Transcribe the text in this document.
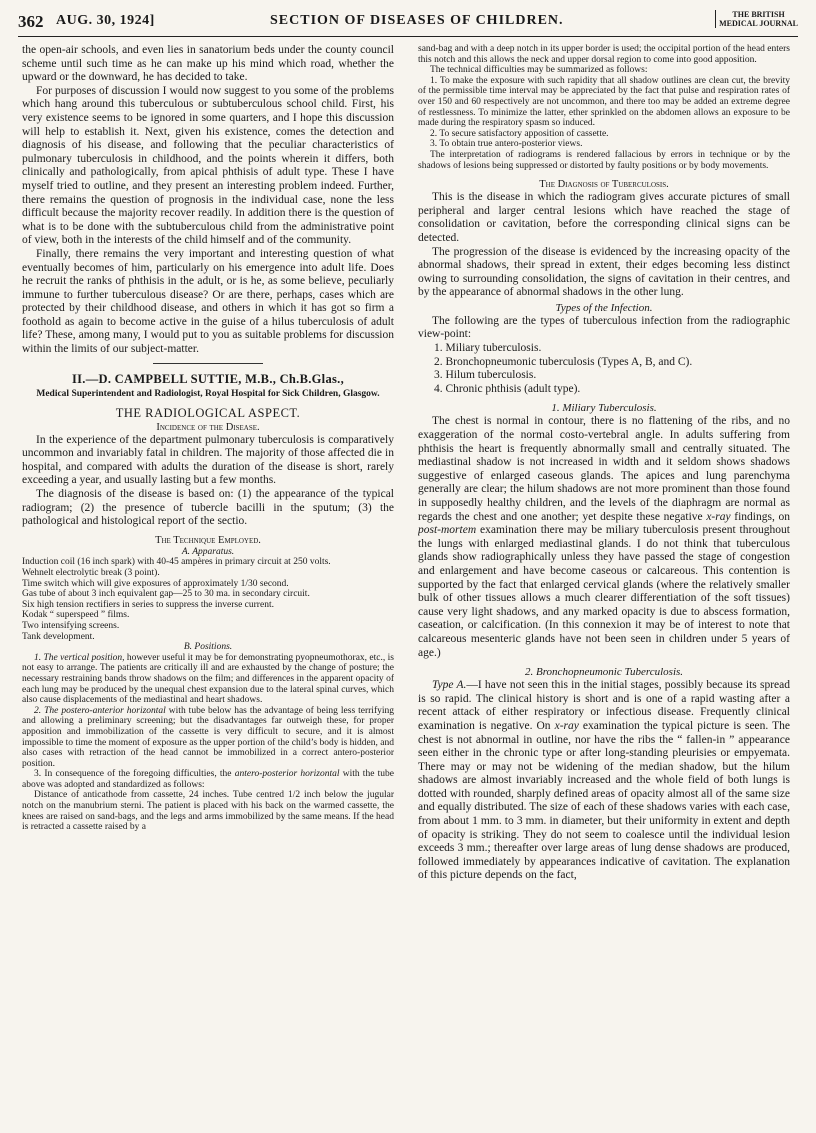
362 AUG. 30, 1924]	SECTION OF DISEASES OF CHILDREN.	THE BRITISH
MEDICAL JOURNAL

the open-air schools, and even lies in sanatorium beds under the county council scheme until such time as he can make up his mind which road, whether the upward or the downward, he has decided to take.

For purposes of discussion I would now suggest to you some of the problems which hang around this tuberculous or subtuberculous school child. First, his very existence seems to be ignored in some quarters, and I hope this discussion will help to establish it. Next, given his existence, comes the detection and diagnosis of his disease, and following that the peculiar characteristics of pulmonary tuberculosis in childhood, and the points wherein it differs, both clinically and pathologically, from apical phthisis of adult type. These I have myself tried to outline, and they present an interesting problem indeed. Further, there remains the question of prognosis in the individual case, none the less difficult because the majority recover readily. In addition there is the question of what is to be done with the subtuberculous child from the administrative point of view, both in the interests of the child himself and of the community.

Finally, there remains the very important and interesting question of what eventually becomes of him, particularly on his emergence into adult life. Does he recruit the ranks of phthisis in the adult, or is he, as some believe, peculiarly immune to further tuberculous disease? Or are there, perhaps, cases which are protected by their childhood disease, and others in which it has got so firm a foothold as again to become active in the guise of a hilus tuberculosis of adult life? These, among many, I would put to you as suitable problems for discussion within the limits of our subject-matter.

II.—D. CAMPBELL SUTTIE, M.B., Ch.B.Glas.,

Medical Superintendent and Radiologist, Royal Hospital for Sick Children, Glasgow.

THE RADIOLOGICAL ASPECT.

Incidence of the Disease.

In the experience of the department pulmonary tuberculosis is comparatively uncommon and invariably fatal in children. The majority of those affected die in hospital, and compared with adults the duration of the disease is short, rarely exceeding a year, and usually lasting but a few months.

The diagnosis of the disease is based on: (1) the appearance of the typical radiogram; (2) the presence of tubercle bacilli in the sputum; (3) the pathological and histological report of the sectio.

The Technique Employed.

A. Apparatus.

Induction coil (16 inch spark) with 40-45 ampères in primary circuit at 250 volts.

Wehnelt electrolytic break (3 point).

Time switch which will give exposures of approximately 1/30 second.

Gas tube of about 3 inch equivalent gap—25 to 30 ma. in secondary circuit.

Six high tension rectifiers in series to suppress the inverse current.

Kodak “ superspeed ” films.

Two intensifying screens.

Tank development.

B. Positions.

1. The vertical position, however useful it may be for demonstrating pyopneumothorax, etc., is not easy to arrange. The patients are critically ill and are exhausted by the change of posture; the necessary restraining bands throw shadows on the film; and differences in the apparent opacity of each lung may be produced by the unequal chest expansion due to the lateral spinal curves, which also cause displacements of the mediastinal and heart shadows.

2. The postero-anterior horizontal with tube below has the advantage of being less terrifying and allowing a preliminary screening; but the disadvantages far outweigh these, for proper apposition and immobilization of the cassette is very difficult to secure, and it is almost impossible to time the moment of exposure as the upper portion of the child’s body is hidden, and also cases with retraction of the head cannot be immobilized in a correct antero-posterior position.

3. In consequence of the foregoing difficulties, the antero-posterior horizontal with the tube above was adopted and standardized as follows:

Distance of anticathode from cassette, 24 inches. Tube centred 1/2 inch below the jugular notch on the manubrium sterni. The patient is placed with his back on the warmed cassette, the knees are raised on sand-bags, and the legs and arms immobilized by the same means. If the head is retracted a cassette raised by a

sand-bag and with a deep notch in its upper border is used; the occipital portion of the head enters this notch and this allows the neck and upper dorsal region to come into good apposition.

The technical difficulties may be summarized as follows:

1. To make the exposure with such rapidity that all shadow outlines are clean cut, the brevity of the permissible time interval may be appreciated by the fact that pulse and respiration rates of over 150 and 60 respectively are not uncommon, and there too may be added an extreme degree of restlessness. To minimize the latter, ether sprinkled on the abdomen allows an exposure to be made during the respiratory spasm so induced.

2. To secure satisfactory apposition of cassette.

3. To obtain true antero-posterior views.

The interpretation of radiograms is rendered fallacious by errors in technique or by the shadows of lesions being suppressed or distorted by faulty positions or by body movements.

The Diagnosis of Tuberculosis.

This is the disease in which the radiogram gives accurate pictures of small peripheral and larger central lesions which have reached the stage of consolidation or cavitation, before the corresponding clinical signs can be detected.

The progression of the disease is evidenced by the increasing opacity of the abnormal shadows, their spread in extent, their edges becoming less distinct owing to surrounding consolidation, the signs of cavitation in their centres, and by the appearance of abnormal shadows in the other lung.

Types of the Infection.

The following are the types of tuberculous infection from the radiographic view-point:

1. Miliary tuberculosis.
2. Bronchopneumonic tuberculosis (Types A, B, and C).
3. Hilum tuberculosis.
4. Chronic phthisis (adult type).

1. Miliary Tuberculosis.

The chest is normal in contour, there is no flattening of the ribs, and no exaggeration of the normal costo-vertebral angle. In adults suffering from phthisis the heart is frequently abnormally small and centrally situated. The mediastinal shadow is not increased in width and it seldom shows shadows suggestive of enlarged caseous glands. The apices and lung parenchyma generally are clear; the hilum shadows are not more prominent than those found in supposedly healthy children, and the levels of the diaphragm are normal as regards the chest and one another; yet despite these negative x-ray findings, on post-mortem examination there may be miliary tuberculosis present throughout the lungs with enlarged mediastinal glands. I do not think that tuberculous glands show radiographically unless they have passed the stage of congestion and enlargement and have become caseous or calcareous. This contention is supported by the fact that enlarged cervical glands (where the relatively smaller bulk of other tissues allows a much clearer differentiation of the soft tissues) cause very light shadows, and any marked opacity is due to abscess formation, caseation, or calcification. (In this connexion it may be of interest to note that calcareous mesenteric glands have not been seen in children under 5 years of age.)

2. Bronchopneumonic Tuberculosis.

Type A.—I have not seen this in the initial stages, possibly because its spread is so rapid. The clinical history is short and is one of a rapid wasting after a recent attack of either respiratory or infectious disease. Frequently clinical examination is negative. On x-ray examination the typical picture is seen. The chest is not abnormal in outline, nor have the ribs the “ fallen-in ” appearance seen either in the chronic type or after long-standing pleurisies or empyemata. There may or may not be widening of the median shadow, but the hilum shadows are almost invariably increased and the whole field of both lungs is dotted with rounded, sharply defined areas of opacity almost all of the same size and equally distributed. The size of each of these shadows varies with each case, from about 1 mm. to 3 mm. in diameter, but their uniformity in extent and depth of opacity is striking. They do not seem to coalesce until the individual lesion exceeds 3 mm.; thereafter over large areas of lung dense shadows are produced, followed immediately by appearances indicative of cavitation. The explanation of this picture depends on the fact,
